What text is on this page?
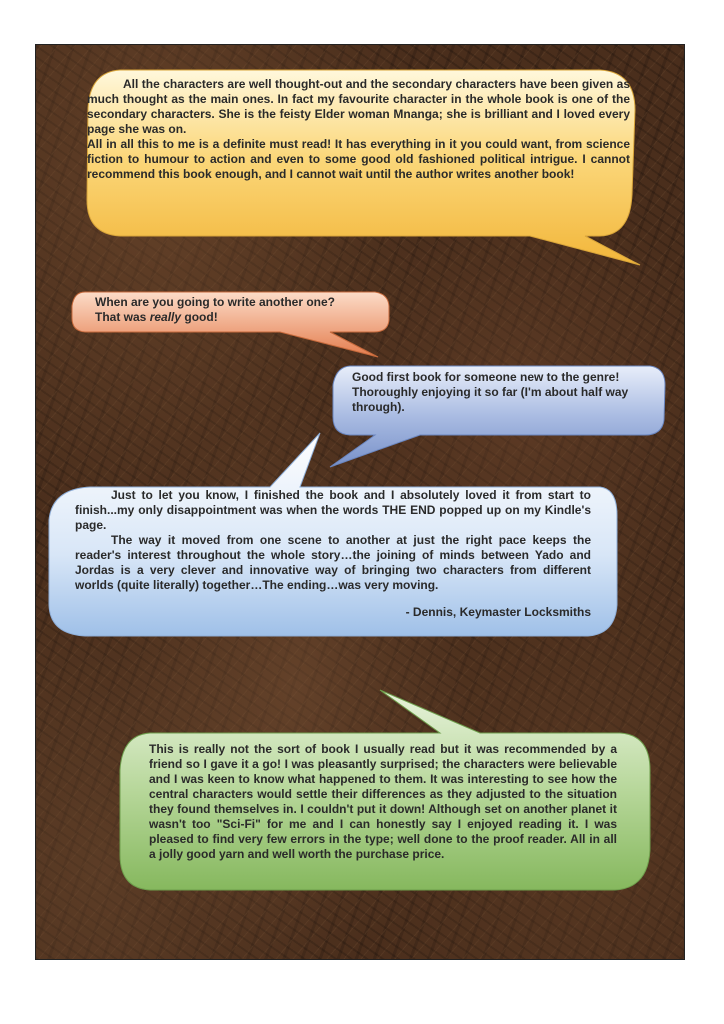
All the characters are well thought-out and the secondary characters have been given as much thought as the main ones. In fact my favourite character in the whole book is one of the secondary characters. She is the feisty Elder woman Mnanga; she is brilliant and I loved every page she was on.

All in all this to me is a definite must read! It has everything in it you could want, from science fiction to humour to action and even to some good old fashioned political intrigue. I cannot recommend this book enough, and I cannot wait until the author writes another book!

When are you going to write another one?

That was really good!

Good first book for someone new to the genre! Thoroughly enjoying it so far (I'm about half way through).

Just to let you know, I finished the book and I absolutely loved it from start to finish...my only disappointment was when the words THE END popped up on my Kindle's page.

The way it moved from one scene to another at just the right pace keeps the reader's interest throughout the whole story…the joining of minds between Yado and Jordas is a very clever and innovative way of bringing two characters from different worlds (quite literally) together…The ending…was very moving.

- Dennis, Keymaster Locksmiths

This is really not the sort of book I usually read but it was recommended by a friend so I gave it a go! I was pleasantly surprised; the characters were believable and I was keen to know what happened to them. It was interesting to see how the central characters would settle their differences as they adjusted to the situation they found themselves in. I couldn't put it down! Although set on another planet it wasn't too "Sci-Fi" for me and I can honestly say I enjoyed reading it. I was pleased to find very few errors in the type; well done to the proof reader. All in all a jolly good yarn and well worth the purchase price.
